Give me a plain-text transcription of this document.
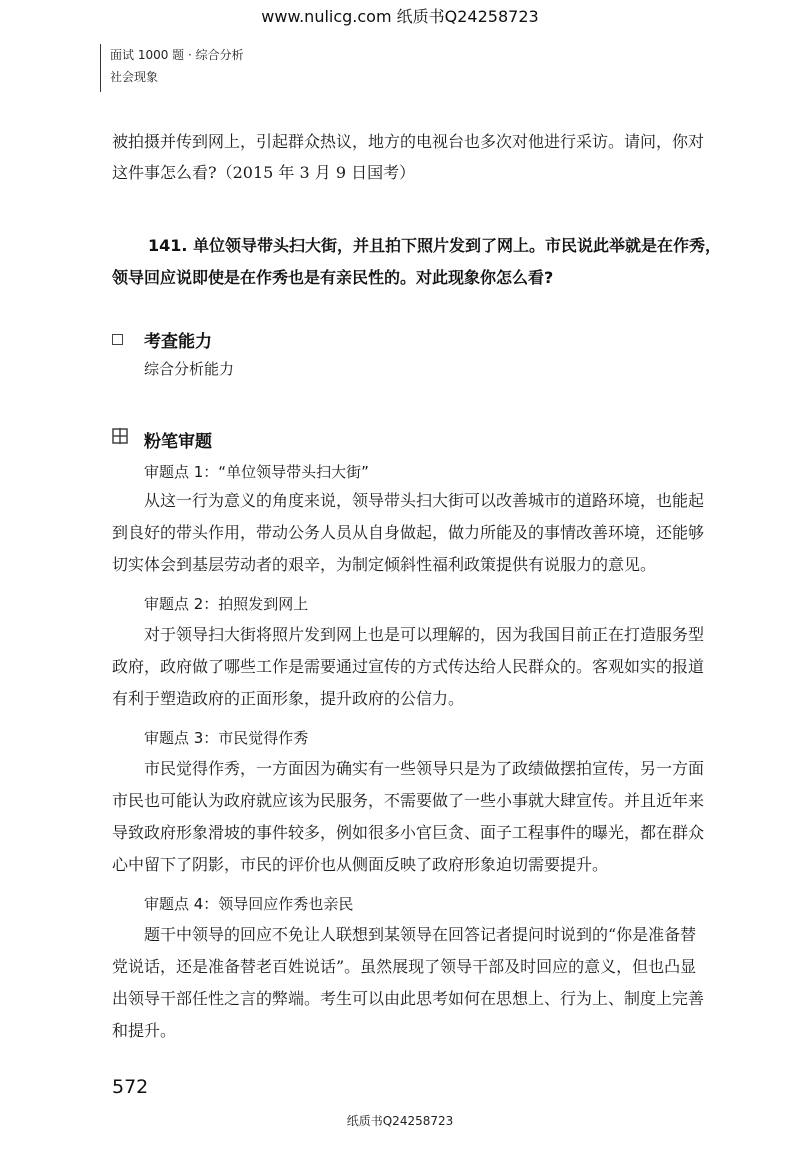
www.nulicg.com 纸质书Q24258723
面试 1000 题 · 综合分析
社会现象
被拍摄并传到网上，引起群众热议，地方的电视台也多次对他进行采访。请问，你对
这件事怎么看?（2015 年 3 月 9 日国考）
141. 单位领导带头扫大街，并且拍下照片发到了网上。市民说此举就是在作秀，
领导回应说即使是在作秀也是有亲民性的。对此现象你怎么看?
考查能力
综合分析能力
粉笔审题
审题点 1：“单位领导带头扫大街”
从这一行为意义的角度来说，领导带头扫大街可以改善城市的道路环境，也能起
到良好的带头作用，带动公务人员从自身做起，做力所能及的事情改善环境，还能够
切实体会到基层劳动者的艰辛，为制定倾斜性福利政策提供有说服力的意见。
审题点 2：拍照发到网上
对于领导扫大街将照片发到网上也是可以理解的，因为我国目前正在打造服务型
政府，政府做了哪些工作是需要通过宣传的方式传达给人民群众的。客观如实的报道
有利于塑造政府的正面形象，提升政府的公信力。
审题点 3：市民觉得作秀
市民觉得作秀，一方面因为确实有一些领导只是为了政绩做摆拍宣传，另一方面
市民也可能认为政府就应该为民服务，不需要做了一些小事就大肆宣传。并且近年来
导致政府形象滑坡的事件较多，例如很多小官巨贪、面子工程事件的曝光，都在群众
心中留下了阴影，市民的评价也从侧面反映了政府形象迫切需要提升。
审题点 4：领导回应作秀也亲民
题干中领导的回应不免让人联想到某领导在回答记者提问时说到的“你是准备替
党说话，还是准备替老百姓说话”。虽然展现了领导干部及时回应的意义，但也凸显
出领导干部任性之言的弊端。考生可以由此思考如何在思想上、行为上、制度上完善
和提升。
572
纸质书Q24258723
